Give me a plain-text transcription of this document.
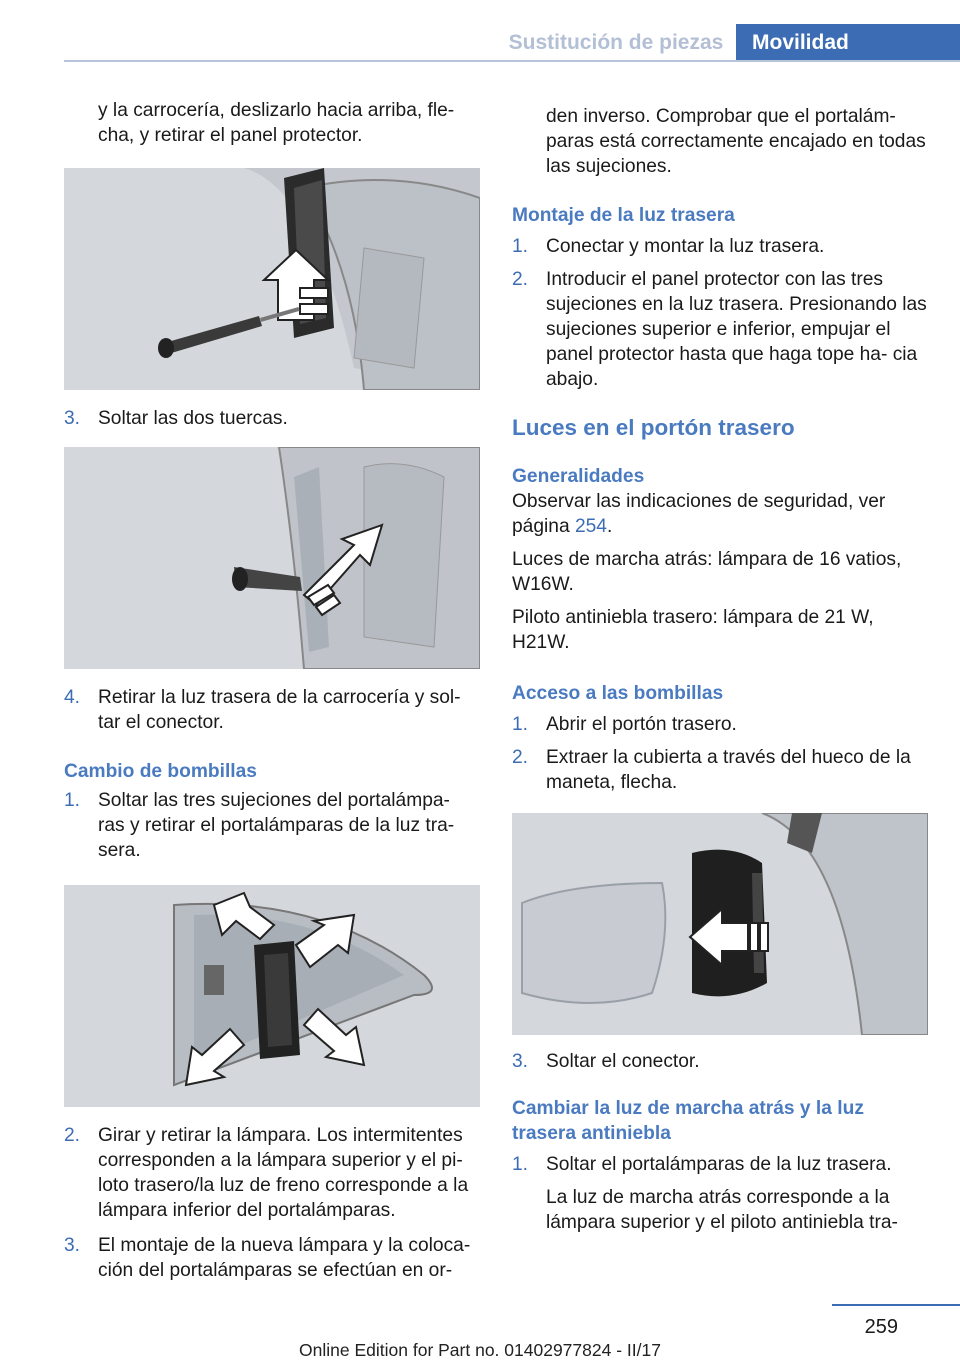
Sustitución de piezas	Movilidad

y la carrocería, deslizarlo hacia arriba, fle‐ cha, y retirar el panel protector.

3. Soltar las dos tuercas.
4. Retirar la luz trasera de la carrocería y sol‐ tar el conector.
Cambio de bombillas
1. Soltar las tres sujeciones del portalámpa‐ ras y retirar el portalámparas de la luz tra‐ sera.
2. Girar y retirar la lámpara. Los intermitentes corresponden a la lámpara superior y el pi‐ loto trasero/la luz de freno corresponde a la lámpara inferior del portalámparas.
3. El montaje de la nueva lámpara y la coloca‐ ción del portalámparas se efectúan en or‐

den inverso. Comprobar que el portalám‐ paras está correctamente encajado en todas las sujeciones.

Montaje de la luz trasera
1. Conectar y montar la luz trasera.
2. Introducir el panel protector con las tres sujeciones en la luz trasera. Presionando las sujeciones superior e inferior, empujar el panel protector hasta que haga tope ha‐ cia abajo.
Luces en el portón trasero
Generalidades

Observar las indicaciones de seguridad, ver página 254.

Luces de marcha atrás: lámpara de 16 vatios, W16W.

Piloto antiniebla trasero: lámpara de 21 W, H21W.

Acceso a las bombillas
1. Abrir el portón trasero.
2. Extraer la cubierta a través del hueco de la maneta, flecha.
3. Soltar el conector.
Cambiar la luz de marcha atrás y la luz trasera antiniebla
1. Soltar el portalámparas de la luz trasera.

La luz de marcha atrás corresponde a la lámpara superior y el piloto antiniebla tra‐

259
Online Edition for Part no. 01402977824 - II/17
